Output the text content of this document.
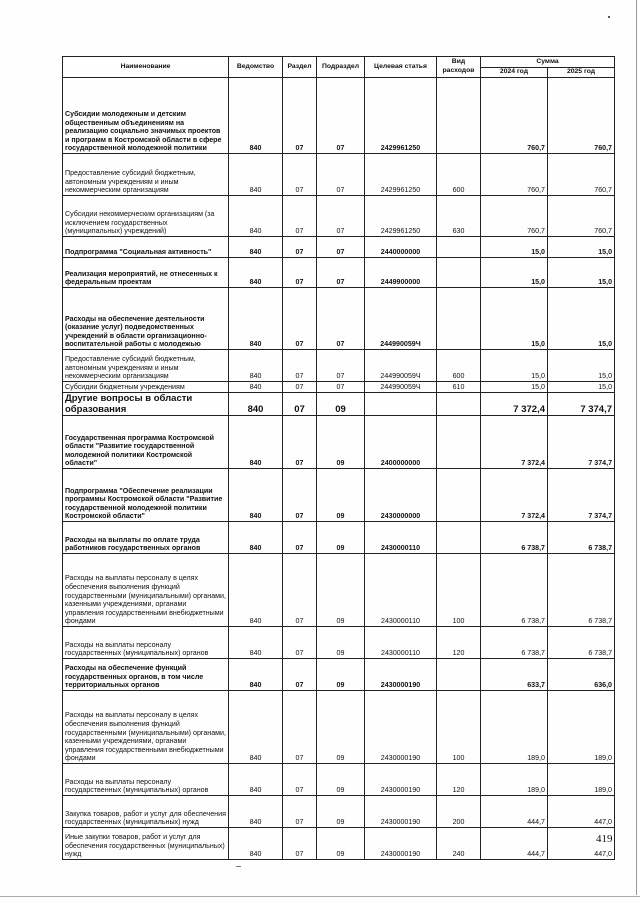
Наименование	Ведомство	Раздел	Подраздел	Целевая статья	Вид расходов	Сумма	
						2024 год	2025 год
Субсидии молодежным и детским общественным объединениям на реализацию социально значимых проектов и программ в Костромской области в сфере государственной молодежной политики	840	07	07	2429961250		760,7	760,7
Предоставление субсидий бюджетным, автономным учреждениям и иным некоммерческим организациям	840	07	07	2429961250	600	760,7	760,7
Субсидии некоммерческим организациям (за исключением государственных (муниципальных) учреждений)	840	07	07	2429961250	630	760,7	760,7
Подпрограмма "Социальная активность"	840	07	07	2440000000		15,0	15,0
Реализация мероприятий, не отнесенных к федеральным проектам	840	07	07	2449900000		15,0	15,0
Расходы на обеспечение деятельности (оказание услуг) подведомственных учреждений в области организационно-воспитательной работы с молодежью	840	07	07	244990059Ч		15,0	15,0
Предоставление субсидий бюджетным, автономным учреждениям и иным некоммерческим организациям	840	07	07	244990059Ч	600	15,0	15,0
Субсидии бюджетным учреждениям	840	07	07	244990059Ч	610	15,0	15,0
Другие вопросы в области образования	840	07	09			7 372,4	7 374,7
Государственная программа Костромской области "Развитие государственной молодежной политики Костромской области"	840	07	09	2400000000		7 372,4	7 374,7
Подпрограмма "Обеспечение реализации программы Костромской области "Развитие государственной молодежной политики Костромской области"	840	07	09	2430000000		7 372,4	7 374,7
Расходы на выплаты по оплате труда работников государственных органов	840	07	09	2430000110		6 738,7	6 738,7
Расходы на выплаты персоналу в целях обеспечения выполнения функций государственными (муниципальными) органами, казенными учреждениями, органами управления государственными внебюджетными фондами	840	07	09	2430000110	100	6 738,7	6 738,7
Расходы на выплаты персоналу государственных (муниципальных) органов	840	07	09	2430000110	120	6 738,7	6 738,7
Расходы на обеспечение функций государственных органов, в том числе территориальных органов	840	07	09	2430000190		633,7	636,0
Расходы на выплаты персоналу в целях обеспечения выполнения функций государственными (муниципальными) органами, казенными учреждениями, органами управления государственными внебюджетными фондами	840	07	09	2430000190	100	189,0	189,0
Расходы на выплаты персоналу государственных (муниципальных) органов	840	07	09	2430000190	120	189,0	189,0
Закупка товаров, работ и услуг для обеспечения государственных (муниципальных) нужд	840	07	09	2430000190	200	444,7	447,0
Иные закупки товаров, работ и услуг для обеспечения государственных (муниципальных) нужд	840	07	09	2430000190	240	444,7	447,0
419
